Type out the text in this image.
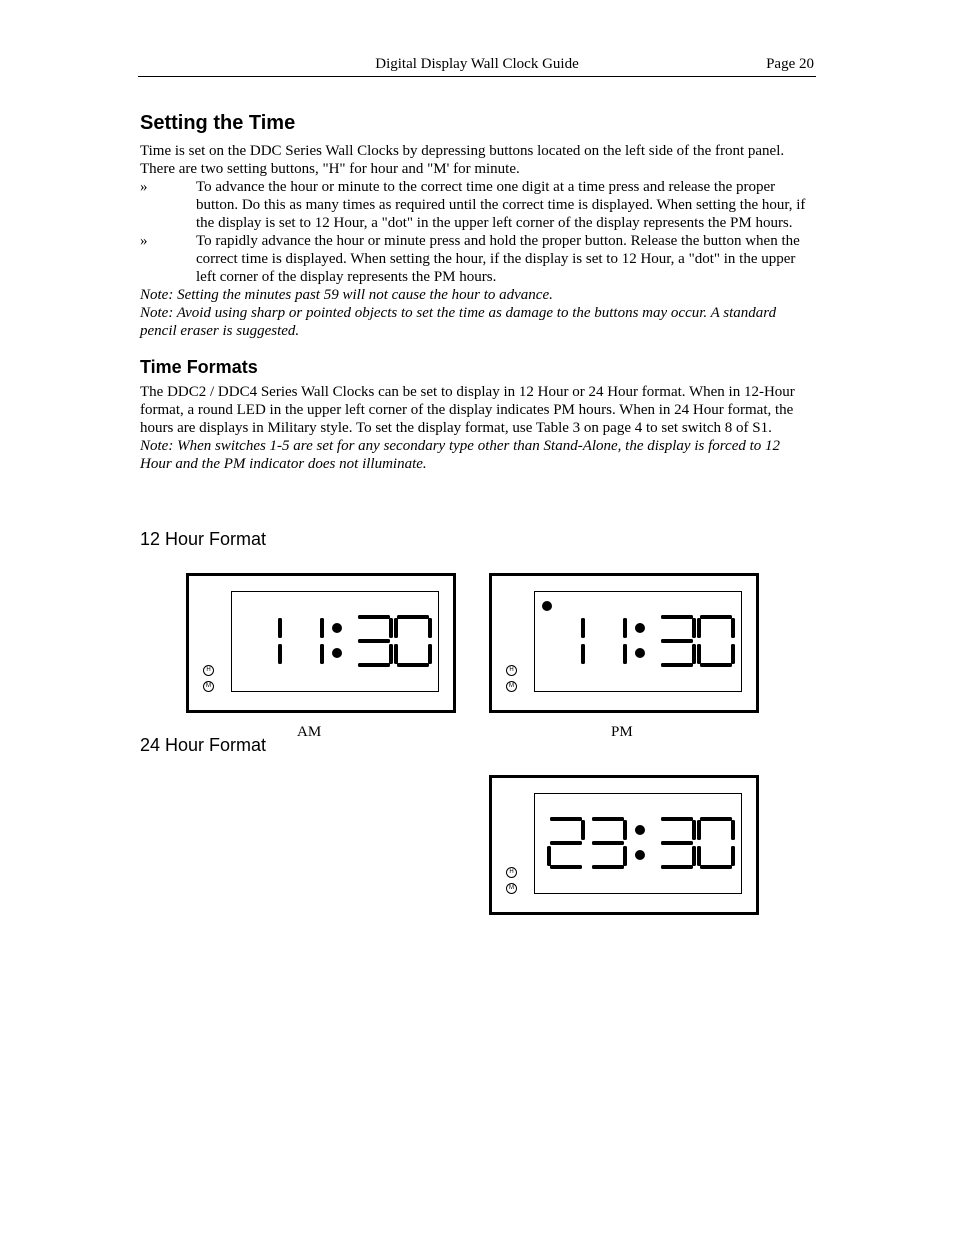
Digital Display Wall Clock Guide	Page 20
Setting the Time

Time is set on the DDC Series Wall Clocks by depressing buttons located on the left side of the front panel. There are two setting buttons, "H" for hour and "M' for minute.

»	To advance the hour or minute to the correct time one digit at a time press and release the proper button. Do this as many times as required until the correct time is displayed. When setting the hour, if the display is set to 12 Hour, a "dot" in the upper left corner of the display represents the PM hours.
»	To rapidly advance the hour or minute press and hold the proper button. Release the button when the correct time is displayed. When setting the hour, if the display is set to 12 Hour, a "dot" in the upper left corner of the display represents the PM hours.

Note: Setting the minutes past 59 will not cause the hour to advance.

Note: Avoid using sharp or pointed objects to set the time as damage to the buttons may occur. A standard pencil eraser is suggested.

Time Formats

The DDC2 / DDC4 Series Wall Clocks can be set to display in 12 Hour or 24 Hour format. When in 12-Hour format, a round LED in the upper left corner of the display indicates PM hours. When in 24 Hour format, the hours are displays in Military style. To set the display format, use Table 3 on page 4 to set switch 8 of S1.

Note: When switches 1-5 are set for any secondary type other than Stand-Alone, the display is forced to 12 Hour and the PM indicator does not illuminate.

12 Hour Format
24 Hour Format
H
M
AM
H
M
PM
H
M
